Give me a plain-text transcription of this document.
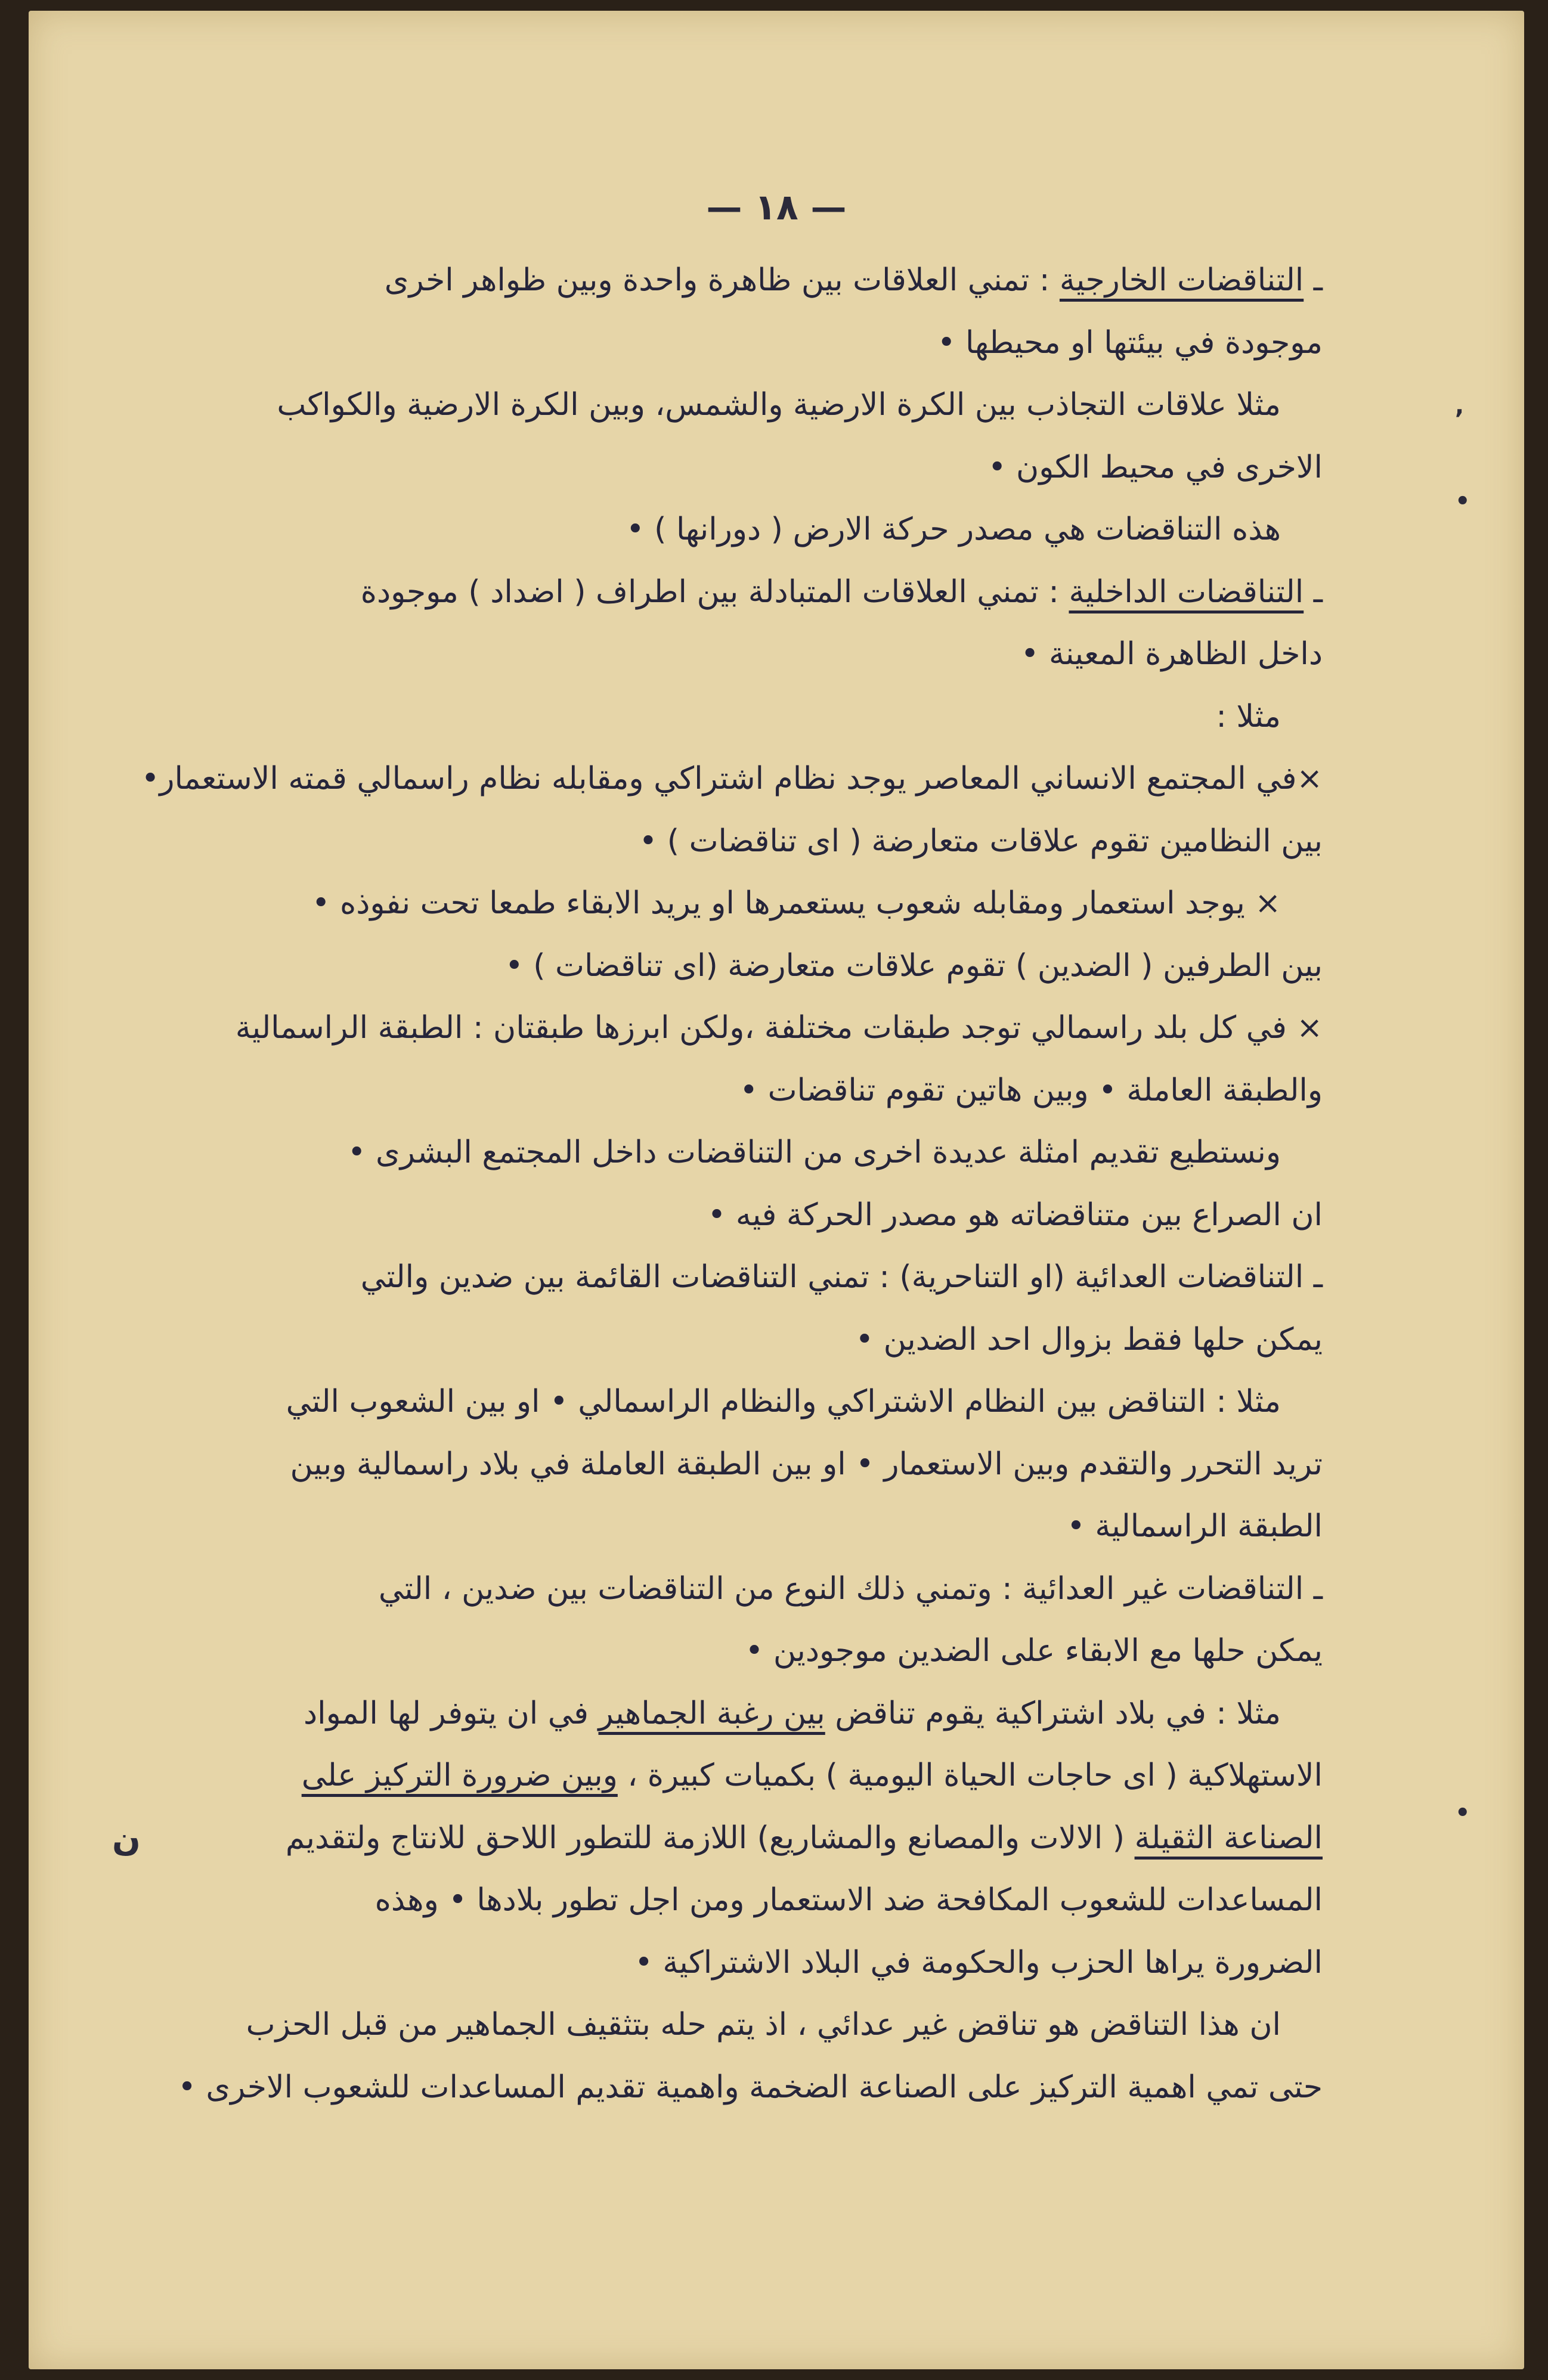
— ١٨ —
ـ التناقضات الخارجية : تمني العلاقات بين ظاهرة واحدة وبين ظواهر اخرى
موجودة في بيئتها او محيطها •
مثلا علاقات التجاذب بين الكرة الارضية والشمس، وبين الكرة الارضية والكواكب
الاخرى في محيط الكون •
هذه التناقضات هي مصدر حركة الارض ( دورانها ) •
ـ التناقضات الداخلية : تمني العلاقات المتبادلة بين اطراف ( اضداد ) موجودة
داخل الظاهرة المعينة •
مثلا :
×في المجتمع الانساني المعاصر يوجد نظام اشتراكي ومقابله نظام راسمالي قمته الاستعمار•
بين النظامين تقوم علاقات متعارضة ( اى تناقضات ) •
× يوجد استعمار ومقابله شعوب يستعمرها او يريد الابقاء طمعا تحت نفوذه •
بين الطرفين ( الضدين ) تقوم علاقات متعارضة (اى تناقضات ) •
× في كل بلد راسمالي توجد طبقات مختلفة ،ولكن ابرزها طبقتان : الطبقة الراسمالية
والطبقة العاملة • وبين هاتين تقوم تناقضات •
ونستطيع تقديم امثلة عديدة اخرى من التناقضات داخل المجتمع البشرى •
ان الصراع بين متناقضاته هو مصدر الحركة فيه •
ـ التناقضات العدائية (او التناحرية) : تمني التناقضات القائمة بين ضدين والتي
يمكن حلها فقط بزوال احد الضدين •
مثلا : التناقض بين النظام الاشتراكي والنظام الراسمالي • او بين الشعوب التي
تريد التحرر والتقدم وبين الاستعمار • او بين الطبقة العاملة في بلاد راسمالية وبين
الطبقة الراسمالية •
ـ التناقضات غير العدائية : وتمني ذلك النوع من التناقضات بين ضدين ، التي
يمكن حلها مع الابقاء على الضدين موجودين •
مثلا : في بلاد اشتراكية يقوم تناقض بين رغبة الجماهير في ان يتوفر لها المواد
الاستهلاكية ( اى حاجات الحياة اليومية ) بكميات كبيرة ، وبين ضرورة التركيز على
الصناعة الثقيلة ( الالات والمصانع والمشاريع) اللازمة للتطور اللاحق للانتاج ولتقديم
المساعدات للشعوب المكافحة ضد الاستعمار ومن اجل تطور بلادها • وهذه
الضرورة يراها الحزب والحكومة في البلاد الاشتراكية •
ان هذا التناقض هو تناقض غير عدائي ، اذ يتم حله بتثقيف الجماهير من قبل الحزب
حتى تمي اهمية التركيز على الصناعة الضخمة واهمية تقديم المساعدات للشعوب الاخرى •
,
•
•
ن
